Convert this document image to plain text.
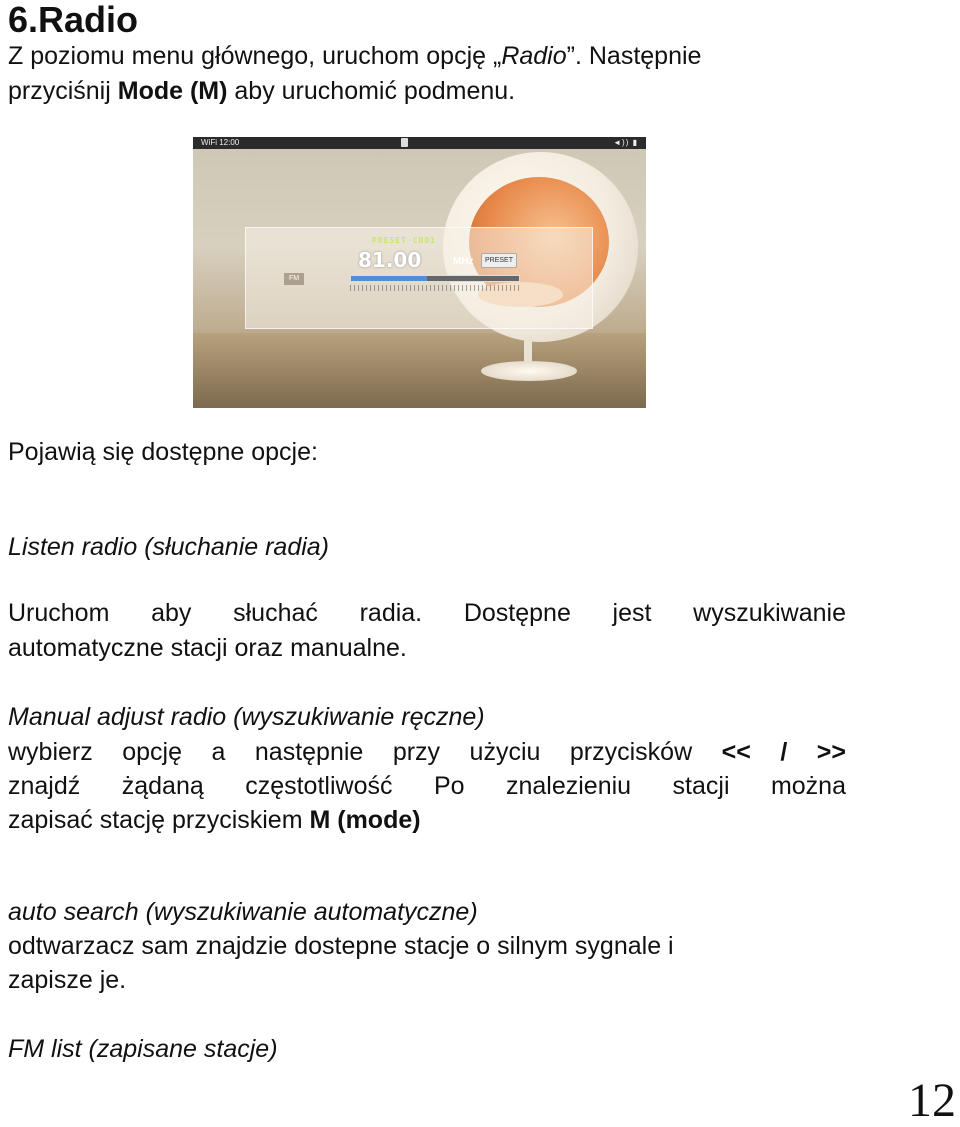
6.Radio

Z poziomu menu głównego, uruchom opcję „Radio”. Następnie

przyciśnij Mode (M) aby uruchomić podmenu.

WiFi 12:00	◄)) ▮
FM
PRESET CH01
81.00	MHz	PRESET

Pojawią się dostępne opcje:

Listen radio (słuchanie radia)

Uruchom aby słuchać radia. Dostępne jest wyszukiwanie

automatyczne stacji oraz manualne.

Manual adjust radio (wyszukiwanie ręczne)

wybierz opcję a następnie przy użyciu przycisków << / >>

znajdź żądaną częstotliwość Po znalezieniu stacji można

zapisać stację przyciskiem M (mode)

auto search (wyszukiwanie automatyczne)

odtwarzacz sam znajdzie dostepne stacje o silnym sygnale i

zapisze je.

FM list (zapisane stacje)

12
